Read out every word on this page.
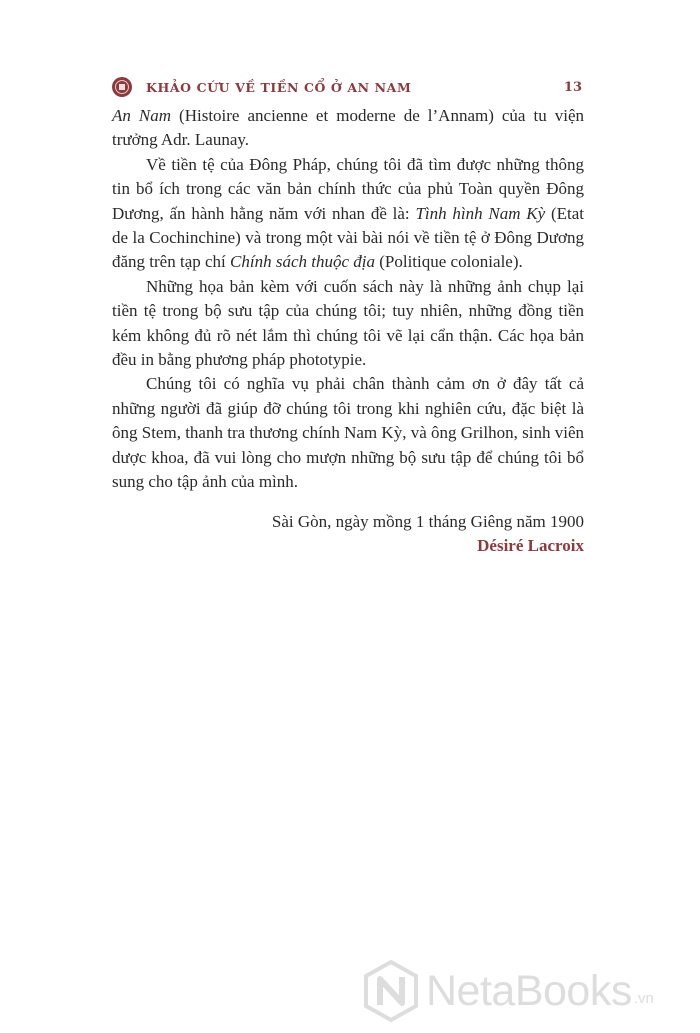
KHẢO CỨU VỀ TIỀN CỔ Ở AN NAM	13

An Nam (Histoire ancienne et moderne de l’Annam) của tu viện trưởng Adr. Launay.

Về tiền tệ của Đông Pháp, chúng tôi đã tìm được những thông tin bổ ích trong các văn bản chính thức của phủ Toàn quyền Đông Dương, ấn hành hằng năm với nhan đề là: Tình hình Nam Kỳ (Etat de la Cochinchine) và trong một vài bài nói về tiền tệ ở Đông Dương đăng trên tạp chí Chính sách thuộc địa (Politique coloniale).

Những họa bản kèm với cuốn sách này là những ảnh chụp lại tiền tệ trong bộ sưu tập của chúng tôi; tuy nhiên, những đồng tiền kém không đủ rõ nét lắm thì chúng tôi vẽ lại cẩn thận. Các họa bản đều in bằng phương pháp phototypie.

Chúng tôi có nghĩa vụ phải chân thành cảm ơn ở đây tất cả những người đã giúp đỡ chúng tôi trong khi nghiên cứu, đặc biệt là ông Stem, thanh tra thương chính Nam Kỳ, và ông Grilhon, sinh viên dược khoa, đã vui lòng cho mượn những bộ sưu tập để chúng tôi bổ sung cho tập ảnh của mình.

Sài Gòn, ngày mồng 1 tháng Giêng năm 1900
Désiré Lacroix
NetaBooks .vn
